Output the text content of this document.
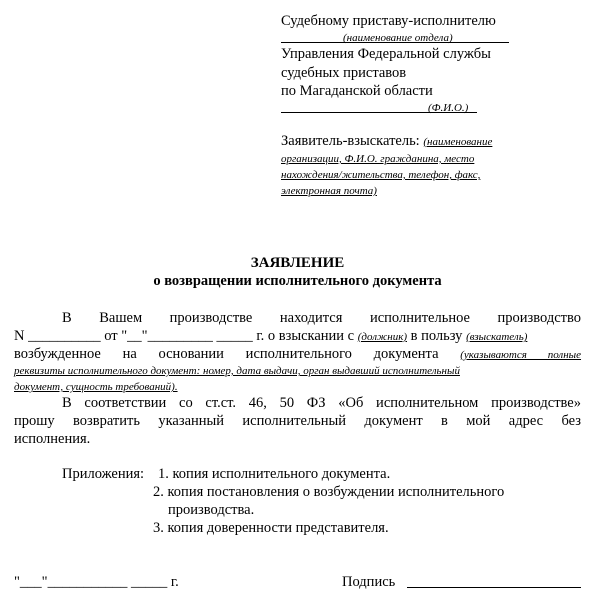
Судебному приставу-исполнителю
(наименование отдела)
Управления Федеральной службы
судебных приставов
по Магаданской области
(Ф.И.О.)
Заявитель-взыскатель: (наименование
организации, Ф.И.О. гражданина, место
нахождения/жительства, телефон, факс,
электронная почта)
ЗАЯВЛЕНИЕ
о возвращении исполнительного документа
В Вашем производстве находится исполнительное производство
N __________ от "__"_________ _____ г. о взыскании с (должник) в пользу (взыскатель)
возбужденное на основании исполнительного документа (указываются полные
реквизиты исполнительного документ: номер, дата выдачи, орган выдавший исполнительный
документ, сущность требований).
В соответствии со ст.ст. 46, 50 ФЗ «Об исполнительном производстве»
прошу возвратить указанный исполнительный документ в мой адрес без
исполнения.
Приложения: 1. копия исполнительного документа.
2. копия постановления о возбуждении исполнительного
производства.
3. копия доверенности представителя.
"___"___________ _____ г.	Подпись
